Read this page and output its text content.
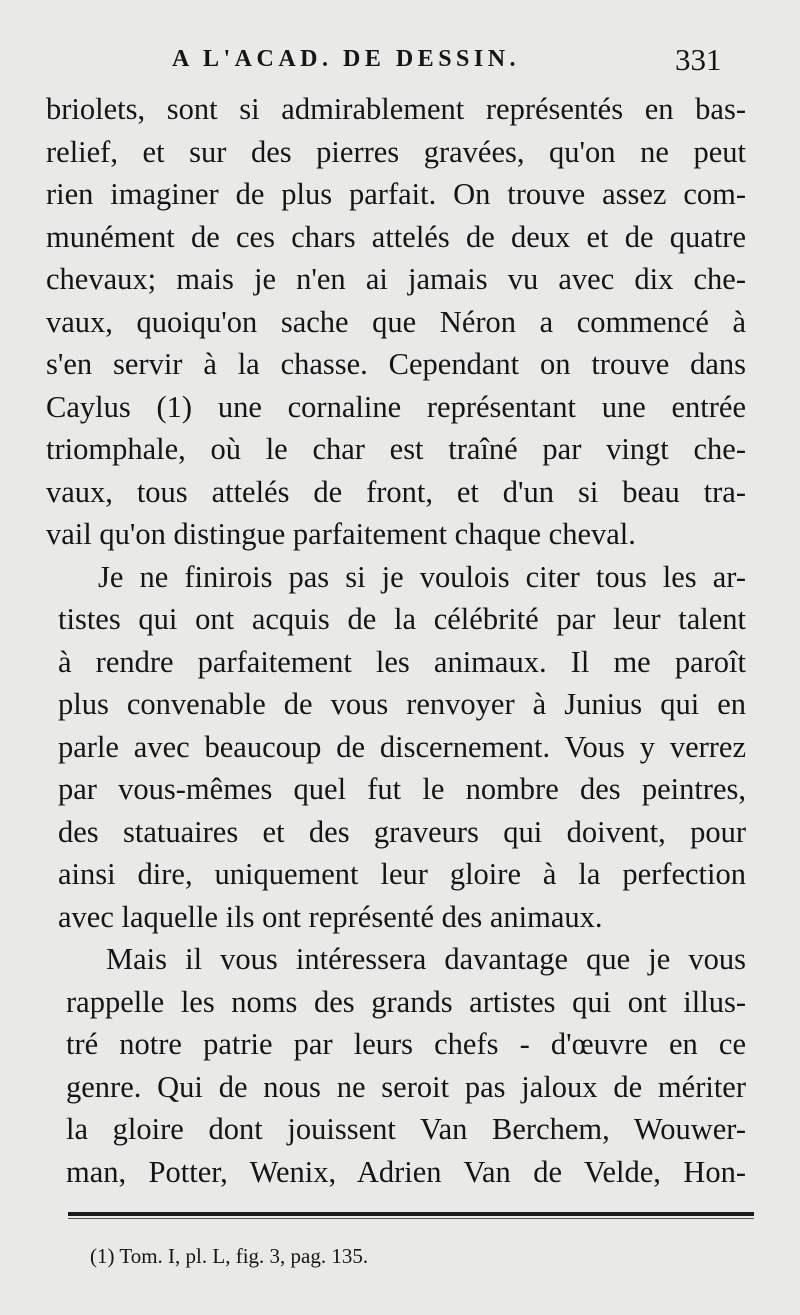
A L'ACAD. DE DESSIN.	331
briolets, sont si admirablement représentés en bas-
relief, et sur des pierres gravées, qu'on ne peut
rien imaginer de plus parfait. On trouve assez com-
munément de ces chars attelés de deux et de quatre
chevaux; mais je n'en ai jamais vu avec dix che-
vaux, quoiqu'on sache que Néron a commencé à
s'en servir à la chasse. Cependant on trouve dans
Caylus (1) une cornaline représentant une entrée
triomphale, où le char est traîné par vingt che-
vaux, tous attelés de front, et d'un si beau tra-
vail qu'on distingue parfaitement chaque cheval.
Je ne finirois pas si je voulois citer tous les ar-
tistes qui ont acquis de la célébrité par leur talent
à rendre parfaitement les animaux. Il me paroît
plus convenable de vous renvoyer à Junius qui en
parle avec beaucoup de discernement. Vous y verrez
par vous-mêmes quel fut le nombre des peintres,
des statuaires et des graveurs qui doivent, pour
ainsi dire, uniquement leur gloire à la perfection
avec laquelle ils ont représenté des animaux.
Mais il vous intéressera davantage que je vous
rappelle les noms des grands artistes qui ont illus-
tré notre patrie par leurs chefs - d'œuvre en ce
genre. Qui de nous ne seroit pas jaloux de mériter
la gloire dont jouissent Van Berchem, Wouwer-
man, Potter, Wenix, Adrien Van de Velde, Hon-
(1) Tom. I, pl. L, fig. 3, pag. 135.
